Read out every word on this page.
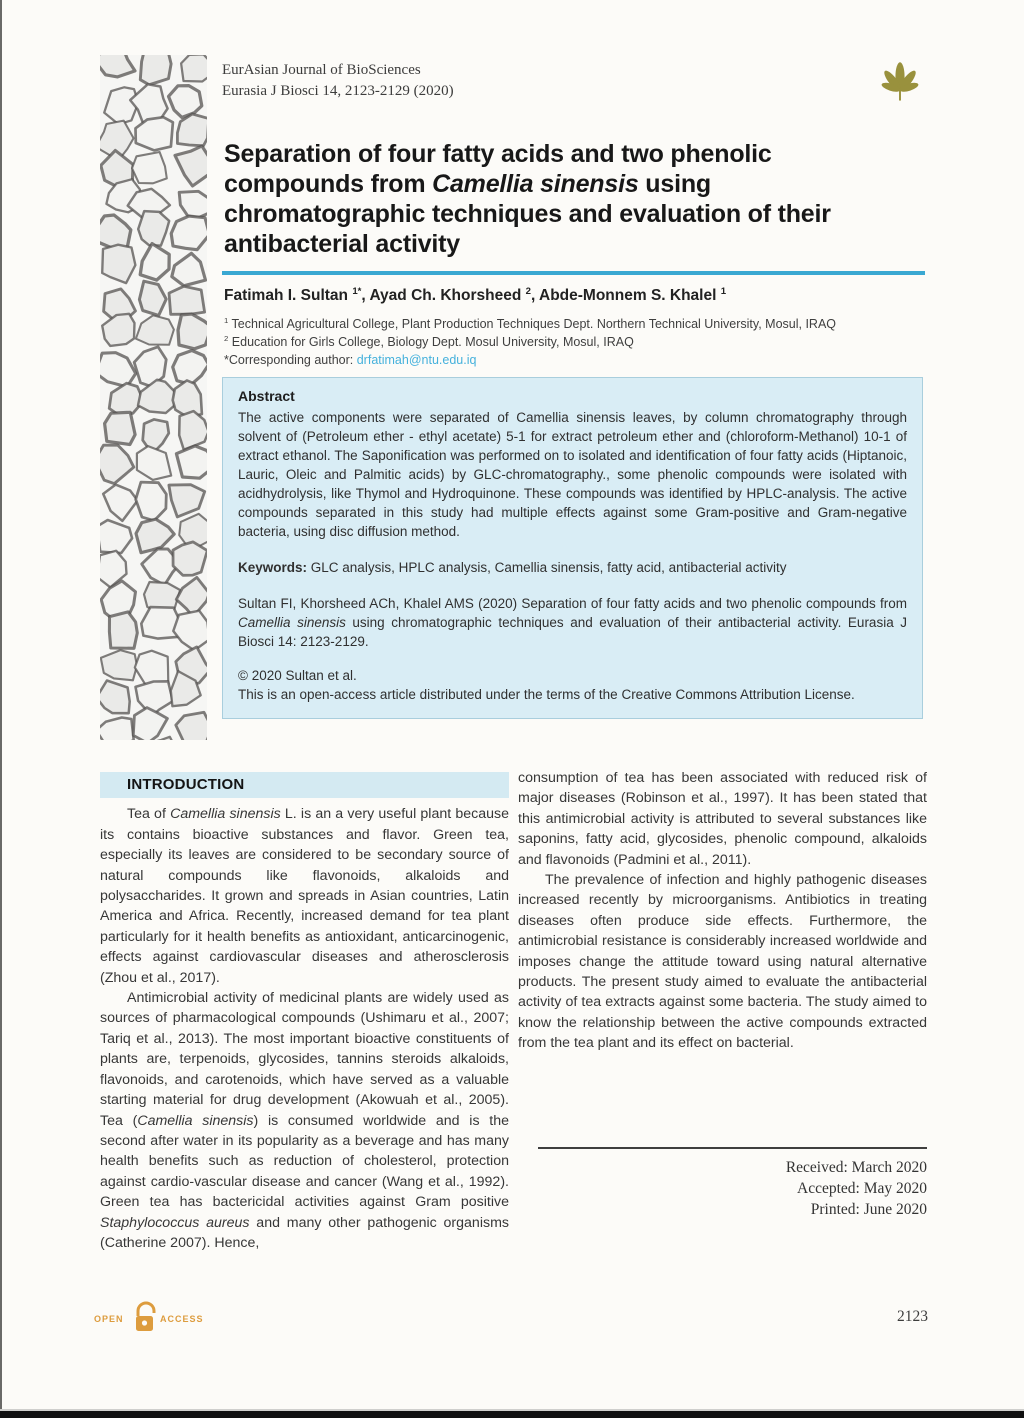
EurAsian Journal of BioSciences
Eurasia J Biosci 14, 2123-2129 (2020)
Separation of four fatty acids and two phenolic compounds from Camellia sinensis using chromatographic techniques and evaluation of their antibacterial activity
Fatimah I. Sultan $^{1*}$, Ayad Ch. Khorsheed $^2$, Abde-Monnem S. Khalel $^1$
$^1$ Technical Agricultural College, Plant Production Techniques Dept. Northern Technical University, Mosul, IRAQ
$^2$ Education for Girls College, Biology Dept. Mosul University, Mosul, IRAQ
*Corresponding author: drfatimah@ntu.edu.iq
Abstract

The active components were separated of Camellia sinensis leaves, by column chromatography through solvent of (Petroleum ether - ethyl acetate) 5-1 for extract petroleum ether and (chloroform-Methanol) 10-1 of extract ethanol. The Saponification was performed on to isolated and identification of four fatty acids (Hiptanoic, Lauric, Oleic and Palmitic acids) by GLC-chromatography., some phenolic compounds were isolated with acidhydrolysis, like Thymol and Hydroquinone. These compounds was identified by HPLC-analysis. The active compounds separated in this study had multiple effects against some Gram-positive and Gram-negative bacteria, using disc diffusion method.

Keywords: GLC analysis, HPLC analysis, Camellia sinensis, fatty acid, antibacterial activity

Sultan FI, Khorsheed ACh, Khalel AMS (2020) Separation of four fatty acids and two phenolic compounds from Camellia sinensis using chromatographic techniques and evaluation of their antibacterial activity. Eurasia J Biosci 14: 2123-2129.

© 2020 Sultan et al.

This is an open-access article distributed under the terms of the Creative Commons Attribution License.

INTRODUCTION

Tea of Camellia sinensis L. is an a very useful plant because its contains bioactive substances and flavor. Green tea, especially its leaves are considered to be secondary source of natural compounds like flavonoids, alkaloids and polysaccharides. It grown and spreads in Asian countries, Latin America and Africa. Recently, increased demand for tea plant particularly for it health benefits as antioxidant, anticarcinogenic, effects against cardiovascular diseases and atherosclerosis (Zhou et al., 2017).

Antimicrobial activity of medicinal plants are widely used as sources of pharmacological compounds (Ushimaru et al., 2007; Tariq et al., 2013). The most important bioactive constituents of plants are, terpenoids, glycosides, tannins steroids alkaloids, flavonoids, and carotenoids, which have served as a valuable starting material for drug development (Akowuah et al., 2005). Tea (Camellia sinensis) is consumed worldwide and is the second after water in its popularity as a beverage and has many health benefits such as reduction of cholesterol, protection against cardio-vascular disease and cancer (Wang et al., 1992). Green tea has bactericidal activities against Gram positive Staphylococcus aureus and many other pathogenic organisms (Catherine 2007). Hence,

consumption of tea has been associated with reduced risk of major diseases (Robinson et al., 1997). It has been stated that this antimicrobial activity is attributed to several substances like saponins, fatty acid, glycosides, phenolic compound, alkaloids and flavonoids (Padmini et al., 2011).

The prevalence of infection and highly pathogenic diseases increased recently by microorganisms. Antibiotics in treating diseases often produce side effects. Furthermore, the antimicrobial resistance is considerably increased worldwide and imposes change the attitude toward using natural alternative products. The present study aimed to evaluate the antibacterial activity of tea extracts against some bacteria. The study aimed to know the relationship between the active compounds extracted from the tea plant and its effect on bacterial.

Received: March 2020
Accepted: May 2020
Printed: June 2020
OPEN	ACCESS	2123
